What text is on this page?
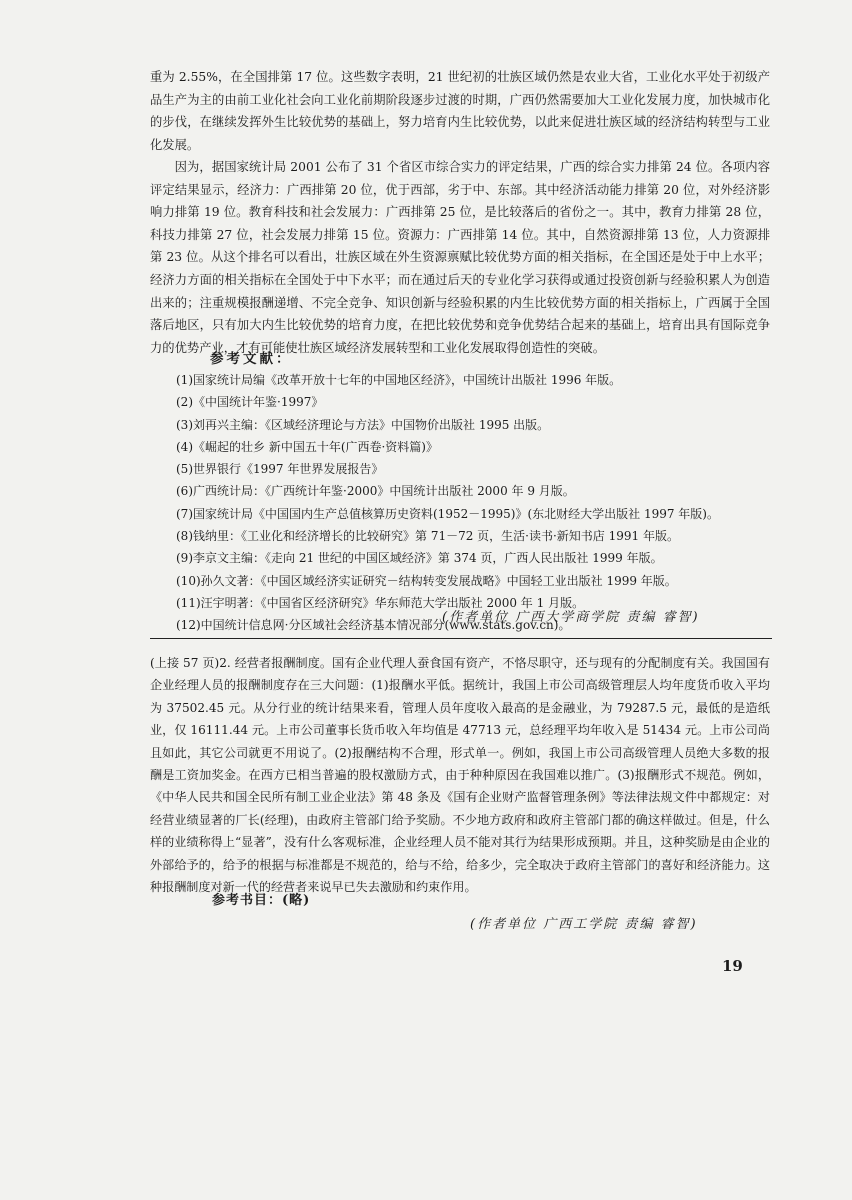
重为 2.55%，在全国排第 17 位。这些数字表明，21 世纪初的壮族区域仍然是农业大省，工业化水平处于初级产品生产为主的由前工业化社会向工业化前期阶段逐步过渡的时期，广西仍然需要加大工业化发展力度，加快城市化的步伐，在继续发挥外生比较优势的基础上，努力培育内生比较优势，以此来促进壮族区域的经济结构转型与工业化发展。

因为，据国家统计局 2001 公布了 31 个省区市综合实力的评定结果，广西的综合实力排第 24 位。各项内容评定结果显示，经济力：广西排第 20 位，优于西部，劣于中、东部。其中经济活动能力排第 20 位，对外经济影响力排第 19 位。教育科技和社会发展力：广西排第 25 位，是比较落后的省份之一。其中，教育力排第 28 位，科技力排第 27 位，社会发展力排第 15 位。资源力：广西排第 14 位。其中，自然资源排第 13 位，人力资源排第 23 位。从这个排名可以看出，壮族区域在外生资源禀赋比较优势方面的相关指标，在全国还是处于中上水平；经济力方面的相关指标在全国处于中下水平；而在通过后天的专业化学习获得或通过投资创新与经验积累人为创造出来的；注重规模报酬递增、不完全竞争、知识创新与经验积累的内生比较优势方面的相关指标上，广西属于全国落后地区，只有加大内生比较优势的培育力度，在把比较优势和竞争优势结合起来的基础上，培育出具有国际竞争力的优势产业，才有可能使壮族区域经济发展转型和工业化发展取得创造性的突破。

参考文献：
(1)国家统计局编《改革开放十七年的中国地区经济》，中国统计出版社 1996 年版。
(2)《中国统计年鉴·1997》
(3)刘再兴主编：《区域经济理论与方法》中国物价出版社 1995 出版。
(4)《崛起的壮乡 新中国五十年(广西卷·资料篇)》
(5)世界银行《1997 年世界发展报告》
(6)广西统计局：《广西统计年鉴·2000》中国统计出版社 2000 年 9 月版。
(7)国家统计局《中国国内生产总值核算历史资料(1952－1995)》(东北财经大学出版社 1997 年版)。
(8)钱纳里：《工业化和经济增长的比较研究》第 71－72 页，生活·读书·新知书店 1991 年版。
(9)李京文主编：《走向 21 世纪的中国区域经济》第 374 页，广西人民出版社 1999 年版。
(10)孙久文著：《中国区域经济实证研究－结构转变发展战略》中国轻工业出版社 1999 年版。
(11)汪宇明著：《中国省区经济研究》华东师范大学出版社 2000 年 1 月版。
(12)中国统计信息网·分区域社会经济基本情况部分(www.stats.gov.cn)。
(作者单位 广西大学商学院 责编 睿智)

(上接 57 页)2. 经营者报酬制度。国有企业代理人蚕食国有资产，不恪尽职守，还与现有的分配制度有关。我国国有企业经理人员的报酬制度存在三大问题：(1)报酬水平低。据统计，我国上市公司高级管理层人均年度货币收入平均为 37502.45 元。从分行业的统计结果来看，管理人员年度收入最高的是金融业，为 79287.5 元，最低的是造纸业，仅 16111.44 元。上市公司董事长货币收入年均值是 47713 元，总经理平均年收入是 51434 元。上市公司尚且如此，其它公司就更不用说了。(2)报酬结构不合理，形式单一。例如，我国上市公司高级管理人员绝大多数的报酬是工资加奖金。在西方已相当普遍的股权激励方式，由于种种原因在我国难以推广。(3)报酬形式不规范。例如，《中华人民共和国全民所有制工业企业法》第 48 条及《国有企业财产监督管理条例》等法律法规文件中都规定：对经营业绩显著的厂长(经理)，由政府主管部门给予奖励。不少地方政府和政府主管部门都的确这样做过。但是，什么样的业绩称得上“显著”，没有什么客观标准，企业经理人员不能对其行为结果形成预期。并且，这种奖励是由企业的外部给予的，给予的根据与标准都是不规范的，给与不给，给多少，完全取决于政府主管部门的喜好和经济能力。这种报酬制度对新一代的经营者来说早已失去激励和约束作用。

参考书目：(略)
(作者单位 广西工学院 责编 睿智)
19
